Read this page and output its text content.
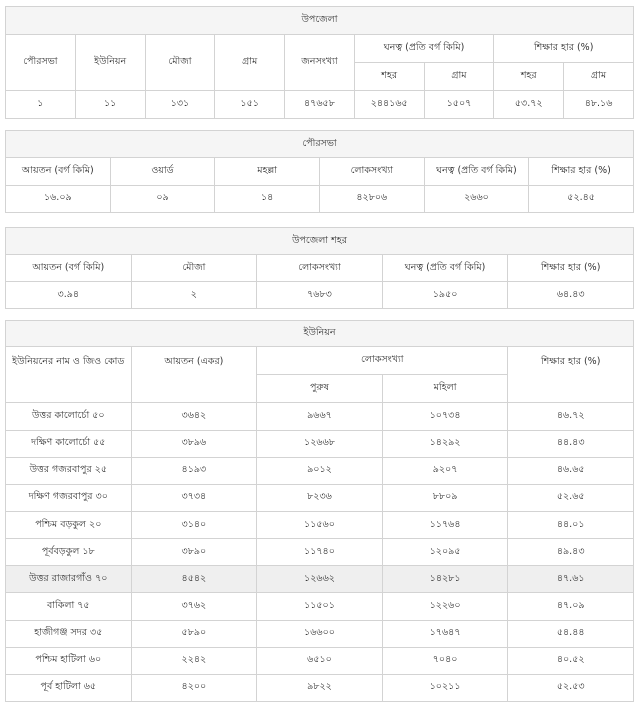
উপজেলা								
পৌরসভা	ইউনিয়ন	মৌজা	গ্রাম	জনসংখ্যা	ঘনত্ব (প্রতি বর্গ কিমি)		শিক্ষার হার (%)	
					শহর	গ্রাম	শহর	গ্রাম
১	১১	১৩১	১৫১	৪৭৬৫৮	২৪৪১৬৫	১৫০৭	৫৩.৭২	৪৮.১৬
পৌরসভা					
আয়তন (বর্গ কিমি)	ওয়ার্ড	মহল্লা	লোকসংখ্যা	ঘনত্ব (প্রতি বর্গ কিমি)	শিক্ষার হার (%)
১৬.০৯	০৯	১৪	৪২৮০৬	২৬৬০	৫২.৪৫
উপজেলা শহর				
আয়তন (বর্গ কিমি)	মৌজা	লোকসংখ্যা	ঘনত্ব (প্রতি বর্গ কিমি)	শিক্ষার হার (%)
৩.৯৪	২	৭৬৮৩	১৯৫০	৬৪.৪৩
ইউনিয়ন				
ইউনিয়নের নাম ও জিও কোড	আয়তন (একর)	লোকসংখ্যা		শিক্ষার হার (%)
		পুরুষ	মহিলা	
উত্তর কালোর্চো ৫০	৩৬৪২	৯৬৬৭	১০৭৩৪	৪৬.৭২
দক্ষিণ কালোর্চো ৫৫	৩৮৯৬	১২৬৬৮	১৪২৯২	৪৪.৪৩
উত্তর গজরবাপুর ২৫	৪১৯৩	৯০১২	৯২০৭	৪৬.৬৫
দক্ষিণ গজরবাপুর ৩০	৩৭৩৪	৮২৩৬	৮৮০৯	৫২.৬৫
পশ্চিম বড়কুল ২০	৩১৪০	১১৫৬০	১১৭৬৪	৪৪.০১
পূর্ববড়কুল ১৮	৩৮৯০	১১৭৪০	১২০৯৫	৪৯.৪৩
উত্তর রাজারগাঁও ৭০	৪৫৪২	১২৬৬২	১৪২৮১	৪৭.৬১
বাকিলা ৭৫	৩৭৬২	১১৫০১	১২২৬০	৪৭.০৯
হাজীগঞ্জ সদর ৩৫	৫৮৯০	১৬৬০০	১৭৬৪৭	৫৪.৪৪
পশ্চিম হাটিলা ৬০	২২৪২	৬৫১০	৭০৪০	৪০.৫২
পূর্ব হাটিলা ৬৫	৪২০০	৯৮২২	১০২১১	৫২.৫৩
